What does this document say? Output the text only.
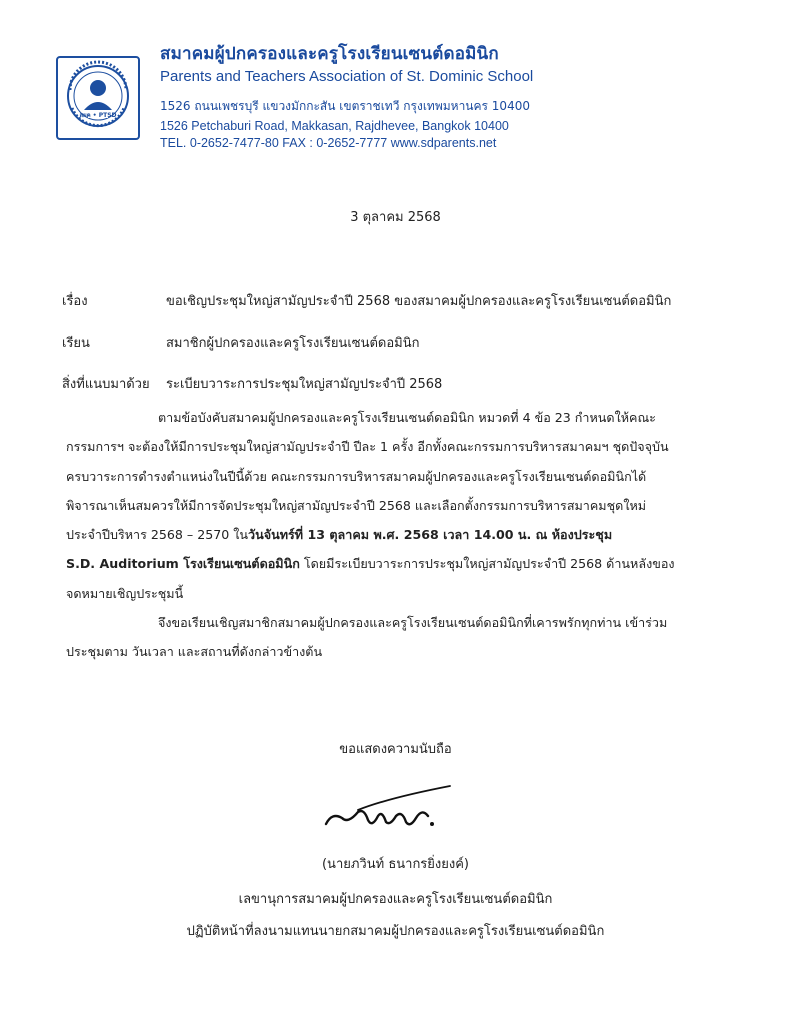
สผค • PTSD
สมาคมผู้ปกครองและครูโรงเรียนเซนต์ดอมินิก
Parents and Teachers Association of St. Dominic School
1526 ถนนเพชรบุรี แขวงมักกะสัน เขตราชเทวี กรุงเทพมหานคร 10400
1526 Petchaburi Road, Makkasan, Rajdhevee, Bangkok 10400
TEL. 0-2652-7477-80 FAX : 0-2652-7777 www.sdparents.net
3 ตุลาคม 2568
เรื่อง	ขอเชิญประชุมใหญ่สามัญประจำปี 2568 ของสมาคมผู้ปกครองและครูโรงเรียนเซนต์ดอมินิก
เรียน	สมาชิกผู้ปกครองและครูโรงเรียนเซนต์ดอมินิก
สิ่งที่แนบมาด้วย ระเบียบวาระการประชุมใหญ่สามัญประจำปี 2568

ตามข้อบังคับสมาคมผู้ปกครองและครูโรงเรียนเซนต์ดอมินิก หมวดที่ 4 ข้อ 23 กำหนดให้คณะ

กรรมการฯ จะต้องให้มีการประชุมใหญ่สามัญประจำปี ปีละ 1 ครั้ง อีกทั้งคณะกรรมการบริหารสมาคมฯ ชุดปัจจุบัน

ครบวาระการดำรงตำแหน่งในปีนี้ด้วย คณะกรรมการบริหารสมาคมผู้ปกครองและครูโรงเรียนเซนต์ดอมินิกได้

พิจารณาเห็นสมควรให้มีการจัดประชุมใหญ่สามัญประจำปี 2568 และเลือกตั้งกรรมการบริหารสมาคมชุดใหม่

ประจำปีบริหาร 2568 – 2570 ในวันจันทร์ที่ 13 ตุลาคม พ.ศ. 2568 เวลา 14.00 น. ณ ห้องประชุม

S.D. Auditorium โรงเรียนเซนต์ดอมินิก โดยมีระเบียบวาระการประชุมใหญ่สามัญประจำปี 2568 ด้านหลังของ

จดหมายเชิญประชุมนี้

จึงขอเรียนเชิญสมาชิกสมาคมผู้ปกครองและครูโรงเรียนเซนต์ดอมินิกที่เคารพรักทุกท่าน เข้าร่วม

ประชุมตาม วันเวลา และสถานที่ดังกล่าวข้างต้น

ขอแสดงความนับถือ
(นายภวินท์ ธนากรยิ่งยงค์)
เลขานุการสมาคมผู้ปกครองและครูโรงเรียนเซนต์ดอมินิก
ปฏิบัติหน้าที่ลงนามแทนนายกสมาคมผู้ปกครองและครูโรงเรียนเซนต์ดอมินิก
